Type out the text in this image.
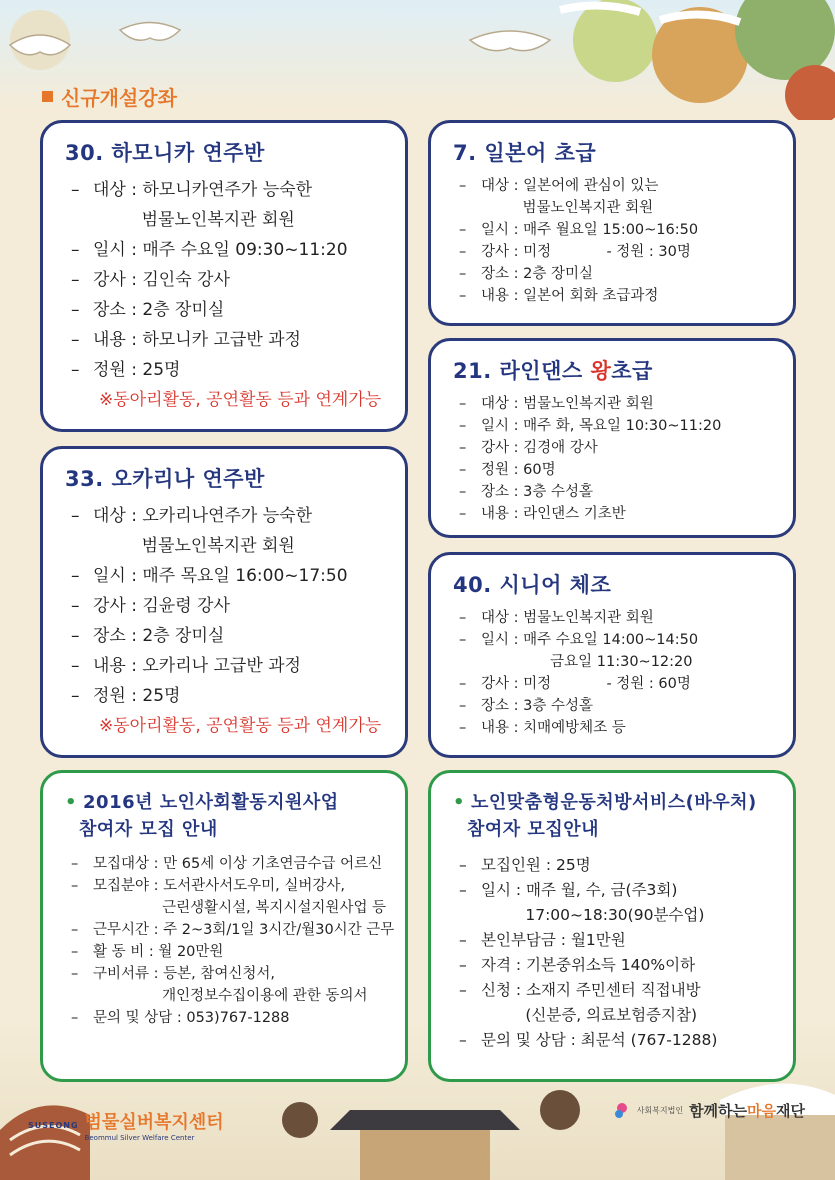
신규개설강좌
30. 하모니카 연주반
– 대상 : 하모니카연주가 능숙한
범물노인복지관 회원
– 일시 : 매주 수요일 09:30~11:20
– 강사 : 김인숙 강사
– 장소 : 2층 장미실
– 내용 : 하모니카 고급반 과정
– 정원 : 25명
※동아리활동, 공연활동 등과 연계가능
33. 오카리나 연주반
– 대상 : 오카리나연주가 능숙한
범물노인복지관 회원
– 일시 : 매주 목요일 16:00~17:50
– 강사 : 김윤령 강사
– 장소 : 2층 장미실
– 내용 : 오카리나 고급반 과정
– 정원 : 25명
※동아리활동, 공연활동 등과 연계가능
7. 일본어 초급
–	대상 : 일본어에 관심이 있는
범물노인복지관 회원
–	일시 : 매주 월요일 15:00~16:50
–	강사 : 미정            - 정원 : 30명
–	장소 : 2층 장미실
–	내용 : 일본어 회화 초급과정
21. 라인댄스 왕초급
–	대상 : 범물노인복지관 회원
–	일시 : 매주 화, 목요일 10:30~11:20
–	강사 : 김경애 강사
–	정원 : 60명
–	장소 : 3층 수성홀
–	내용 : 라인댄스 기초반
40. 시니어 체조
–	대상 : 범물노인복지관 회원
–	일시 : 매주 수요일 14:00~14:50
금요일 11:30~12:20
–	강사 : 미정            - 정원 : 60명
–	장소 : 3층 수성홀
–	내용 : 치매예방체조 등
• 2016년 노인사회활동지원사업
참여자 모집 안내
–	모집대상 : 만 65세 이상 기초연금수급 어르신
–	모집분야 : 도서관사서도우미, 실버강사,
근린생활시설, 복지시설지원사업 등
–	근무시간 : 주 2~3회/1일 3시간/월30시간 근무
–	활 동 비 : 월 20만원
–	구비서류 : 등본, 참여신청서,
개인정보수집이용에 관한 동의서
–	문의 및 상담 : 053)767-1288
• 노인맞춤형운동처방서비스(바우처)
참여자 모집안내
– 모집인원 : 25명
– 일시 : 매주 월, 수, 금(주3회)
17:00~18:30(90분수업)
– 본인부담금 : 월1만원
– 자격 : 기본중위소득 140%이하
– 신청 : 소재지 주민센터 직접내방
(신분증, 의료보험증지참)
– 문의 및 상담 : 최문석 (767-1288)
SUSEONG 범물실버복지센터
Beommul Silver Welfare Center
사회복지법인 함께하는마음재단
